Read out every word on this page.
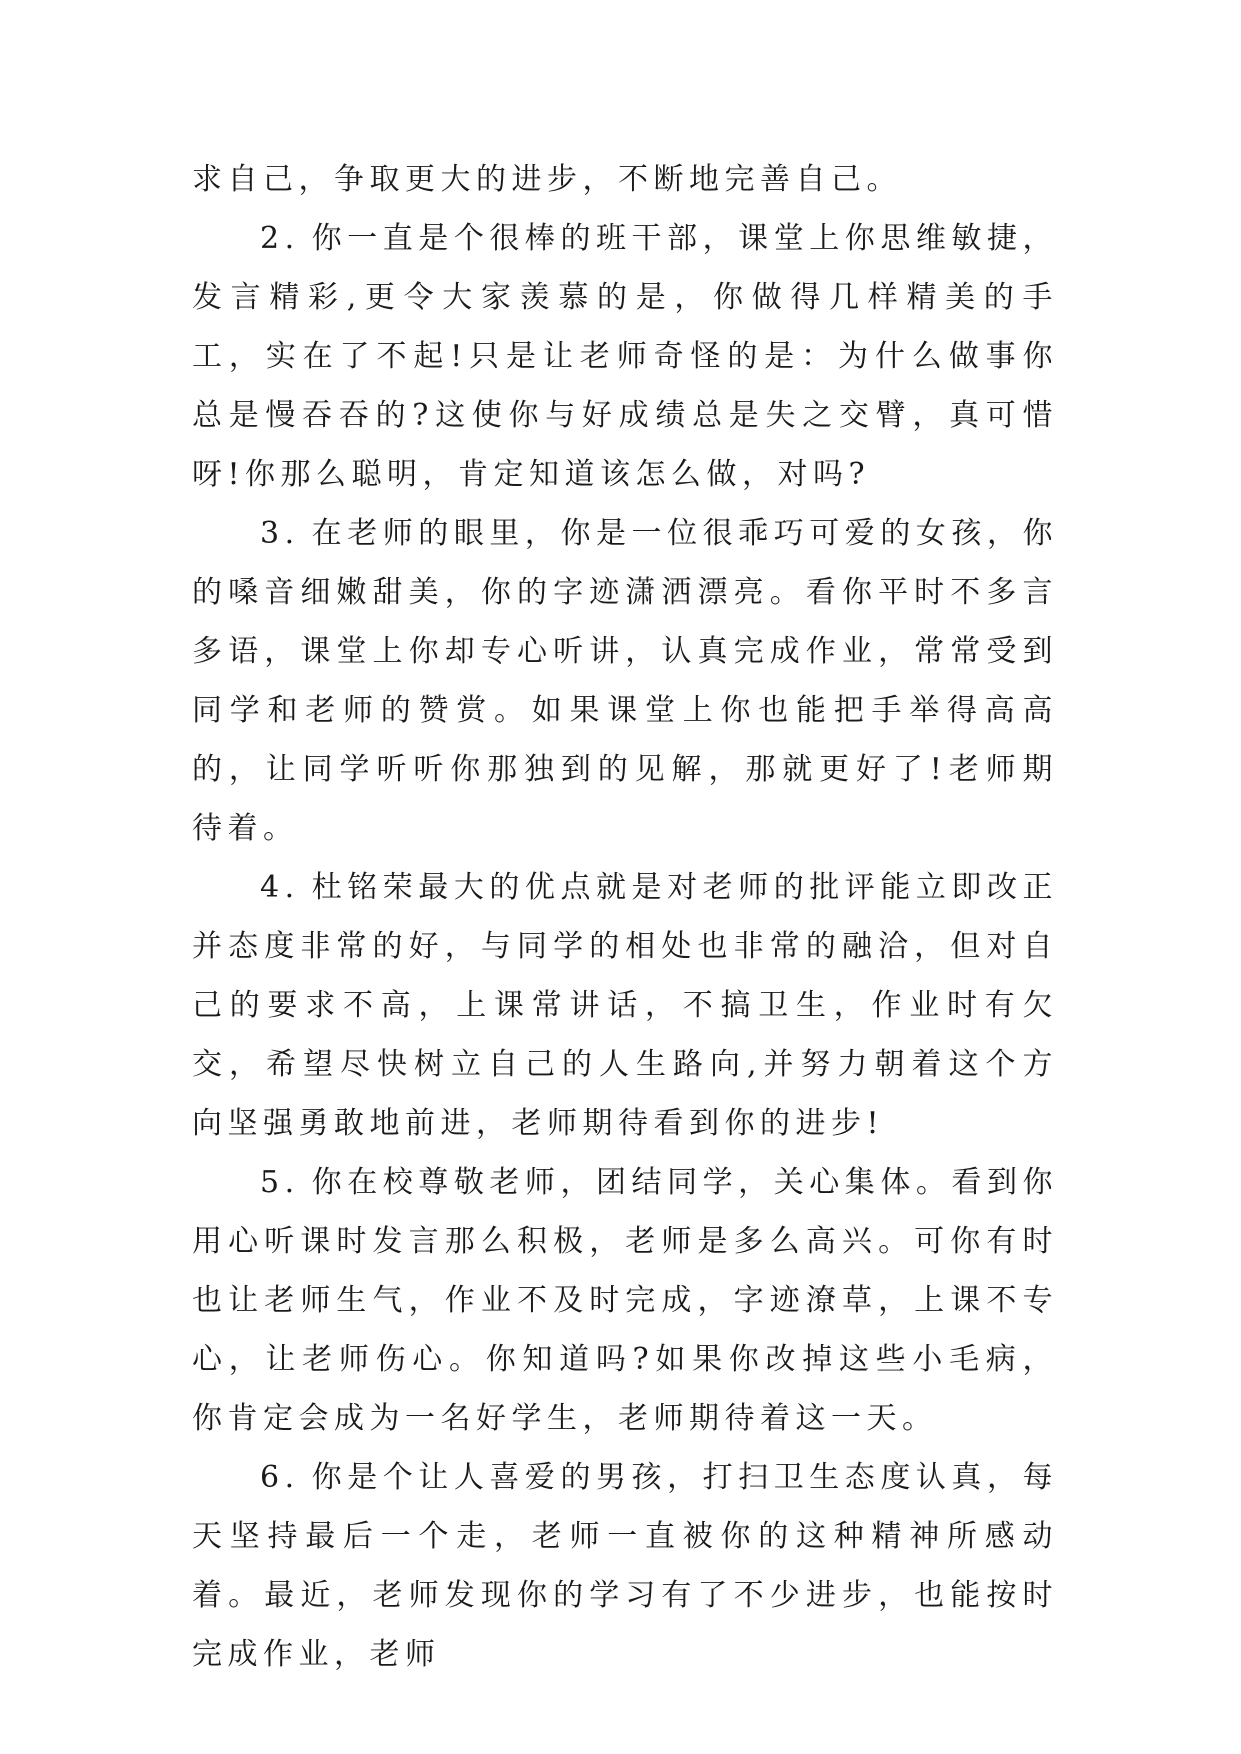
求自己，争取更大的进步，不断地完善自己。

2. 你一直是个很棒的班干部，课堂上你思维敏捷，发言精彩,更令大家羡慕的是，你做得几样精美的手工，实在了不起!只是让老师奇怪的是：为什么做事你总是慢吞吞的?这使你与好成绩总是失之交臂，真可惜呀!你那么聪明，肯定知道该怎么做，对吗?

3. 在老师的眼里，你是一位很乖巧可爱的女孩，你的嗓音细嫩甜美，你的字迹潇洒漂亮。看你平时不多言多语，课堂上你却专心听讲，认真完成作业，常常受到同学和老师的赞赏。如果课堂上你也能把手举得高高的，让同学听听你那独到的见解，那就更好了!老师期待着。

4. 杜铭荣最大的优点就是对老师的批评能立即改正并态度非常的好，与同学的相处也非常的融洽，但对自己的要求不高，上课常讲话，不搞卫生，作业时有欠交，希望尽快树立自己的人生路向,并努力朝着这个方向坚强勇敢地前进，老师期待看到你的进步!

5. 你在校尊敬老师，团结同学，关心集体。看到你用心听课时发言那么积极，老师是多么高兴。可你有时也让老师生气，作业不及时完成，字迹潦草，上课不专心，让老师伤心。你知道吗?如果你改掉这些小毛病，你肯定会成为一名好学生，老师期待着这一天。

6. 你是个让人喜爱的男孩，打扫卫生态度认真，每天坚持最后一个走，老师一直被你的这种精神所感动着。最近，老师发现你的学习有了不少进步，也能按时完成作业，老师
